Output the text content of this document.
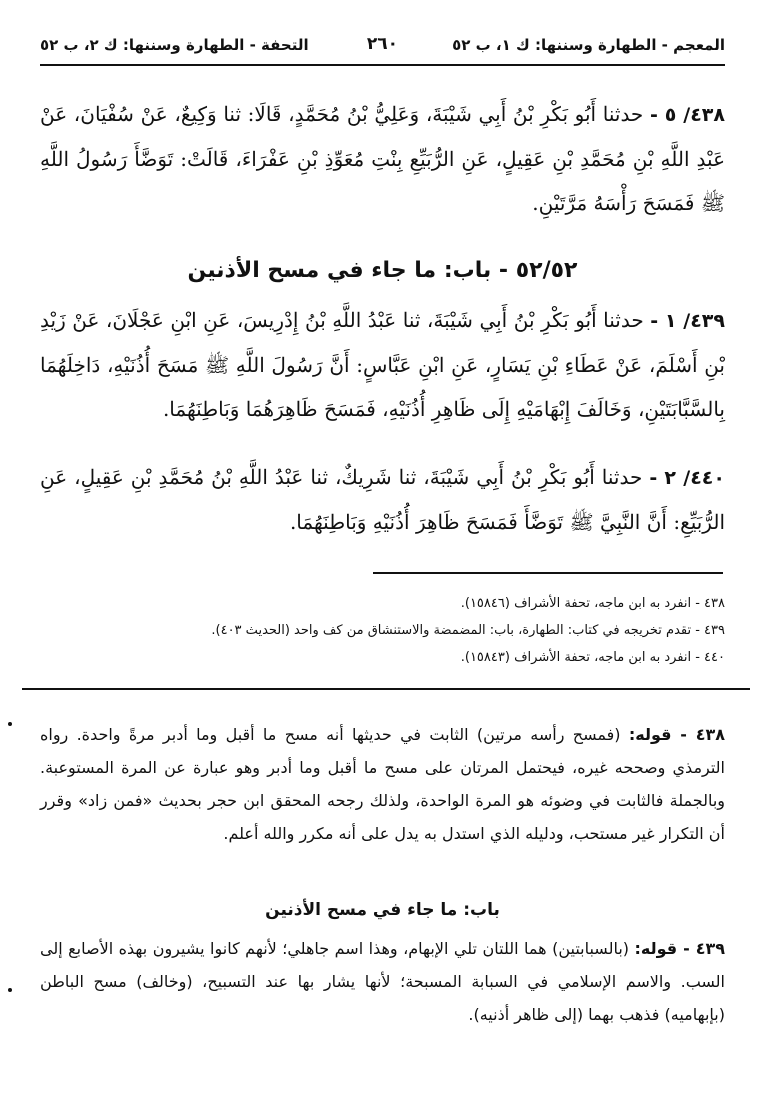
المعجم - الطهارة وسننها: ك ١، ب ٥٢
٢٦٠
التحفة - الطهارة وسننها: ك ٢، ب ٥٢
٤٣٨/ ٥ - حدثنا أَبُو بَكْرِ بْنُ أَبِي شَيْبَةَ، وَعَلِيُّ بْنُ مُحَمَّدٍ، قَالَا: ثنا وَكِيعٌ، عَنْ سُفْيَانَ، عَنْ عَبْدِ اللَّهِ بْنِ مُحَمَّدِ بْنِ عَقِيلٍ، عَنِ الرُّبَيِّعِ بِنْتِ مُعَوِّذِ بْنِ عَفْرَاءَ، قَالَتْ: تَوَضَّأَ رَسُولُ اللَّهِ ﷺ فَمَسَحَ رَأْسَهُ مَرَّتَيْنِ.
٥٢/٥٢ - باب: ما جاء في مسح الأذنين
٤٣٩/ ١ - حدثنا أَبُو بَكْرِ بْنُ أَبِي شَيْبَةَ، ثنا عَبْدُ اللَّهِ بْنُ إِدْرِيسَ، عَنِ ابْنِ عَجْلَانَ، عَنْ زَيْدِ بْنِ أَسْلَمَ، عَنْ عَطَاءِ بْنِ يَسَارٍ، عَنِ ابْنِ عَبَّاسٍ: أَنَّ رَسُولَ اللَّهِ ﷺ مَسَحَ أُذُنَيْهِ، دَاخِلَهُمَا بِالسَّبَّابَتَيْنِ، وَخَالَفَ إِبْهَامَيْهِ إِلَى ظَاهِرِ أُذُنَيْهِ، فَمَسَحَ ظَاهِرَهُمَا وَبَاطِنَهُمَا.
٤٤٠/ ٢ - حدثنا أَبُو بَكْرِ بْنُ أَبِي شَيْبَةَ، ثنا شَرِيكٌ، ثنا عَبْدُ اللَّهِ بْنُ مُحَمَّدِ بْنِ عَقِيلٍ، عَنِ الرُّبَيِّعِ: أَنَّ النَّبِيَّ ﷺ تَوَضَّأَ فَمَسَحَ ظَاهِرَ أُذُنَيْهِ وَبَاطِنَهُمَا.
٤٣٨ - انفرد به ابن ماجه، تحفة الأشراف (١٥٨٤٦).
٤٣٩ - تقدم تخريجه في كتاب: الطهارة، باب: المضمضة والاستنشاق من كف واحد (الحديث ٤٠٣).
٤٤٠ - انفرد به ابن ماجه، تحفة الأشراف (١٥٨٤٣).
٤٣٨ - قوله: (فمسح رأسه مرتين) الثابت في حديثها أنه مسح ما أقبل وما أدبر مرةً واحدة. رواه الترمذي وصححه غيره، فيحتمل المرتان على مسح ما أقبل وما أدبر وهو عبارة عن المرة المستوعبة. وبالجملة فالثابت في وضوئه هو المرة الواحدة، ولذلك رجحه المحقق ابن حجر بحديث «فمن زاد» وقرر أن التكرار غير مستحب، ودليله الذي استدل به يدل على أنه مكرر والله أعلم.
باب: ما جاء في مسح الأذنين
٤٣٩ - قوله: (بالسبابتين) هما اللتان تلي الإبهام، وهذا اسم جاهلي؛ لأنهم كانوا يشيرون بهذه الأصابع إلى السب. والاسم الإسلامي في السبابة المسبحة؛ لأنها يشار بها عند التسبيح، (وخالف) مسح الباطن (بإبهاميه) فذهب بهما (إلى ظاهر أذنيه).
